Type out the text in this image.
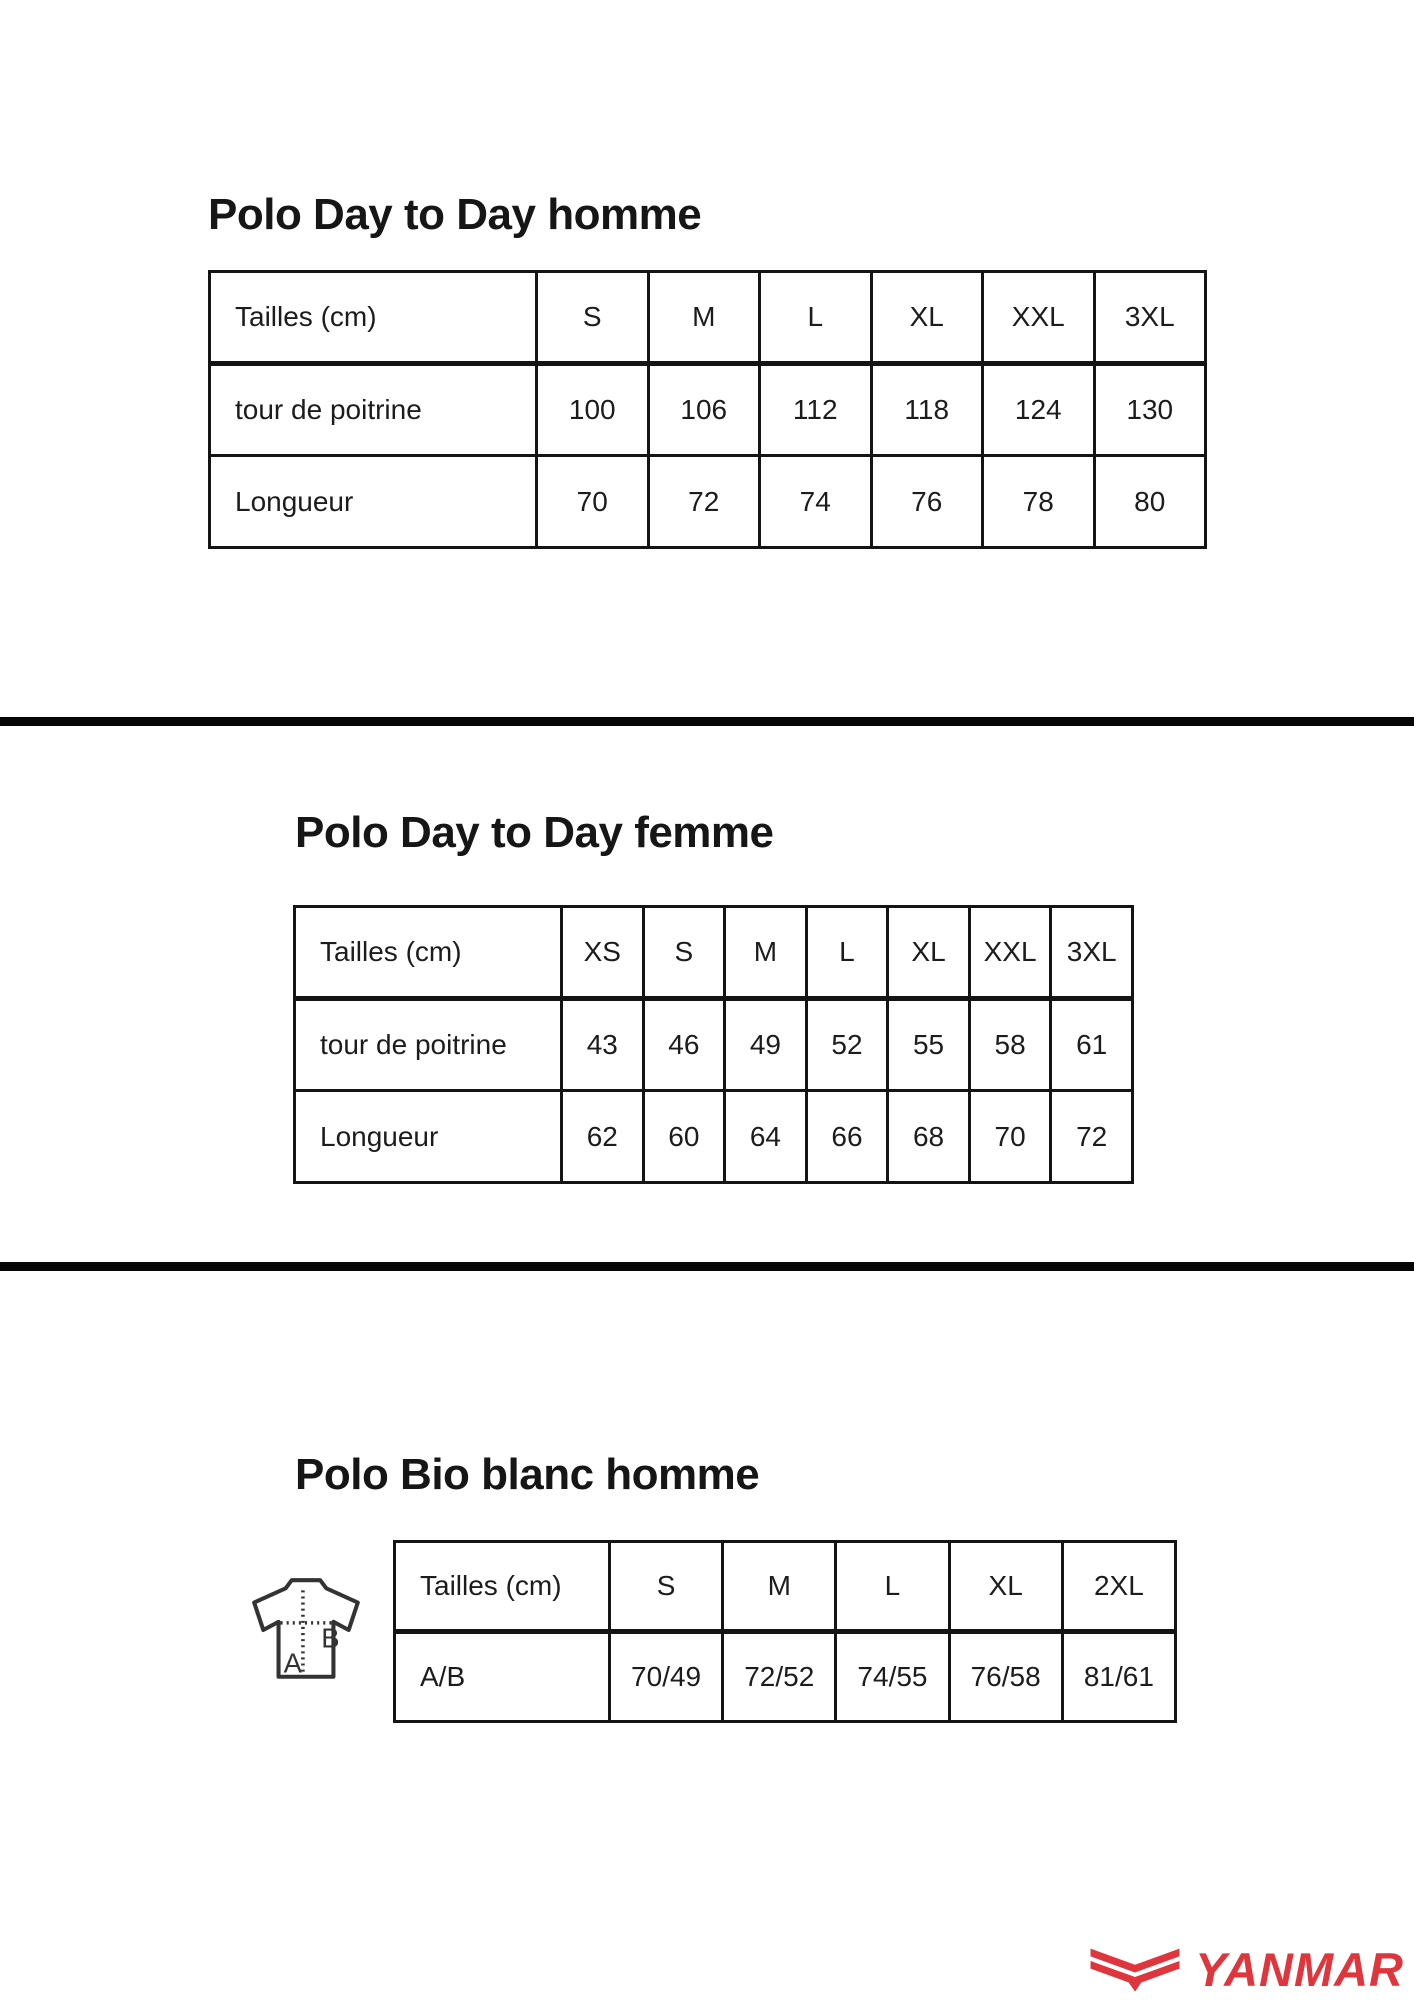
Polo Day to Day homme
Tailles (cm)	S	M	L	XL	XXL	3XL
tour de poitrine	100	106	112	118	124	130
Longueur	70	72	74	76	78	80
Polo Day to Day femme
Tailles (cm)	XS	S	M	L	XL	XXL	3XL
tour de poitrine	43	46	49	52	55	58	61
Longueur	62	60	64	66	68	70	72
Polo Bio blanc homme
A
B
Tailles (cm)	S	M	L	XL	2XL
A/B	70/49	72/52	74/55	76/58	81/61
YANMAR
